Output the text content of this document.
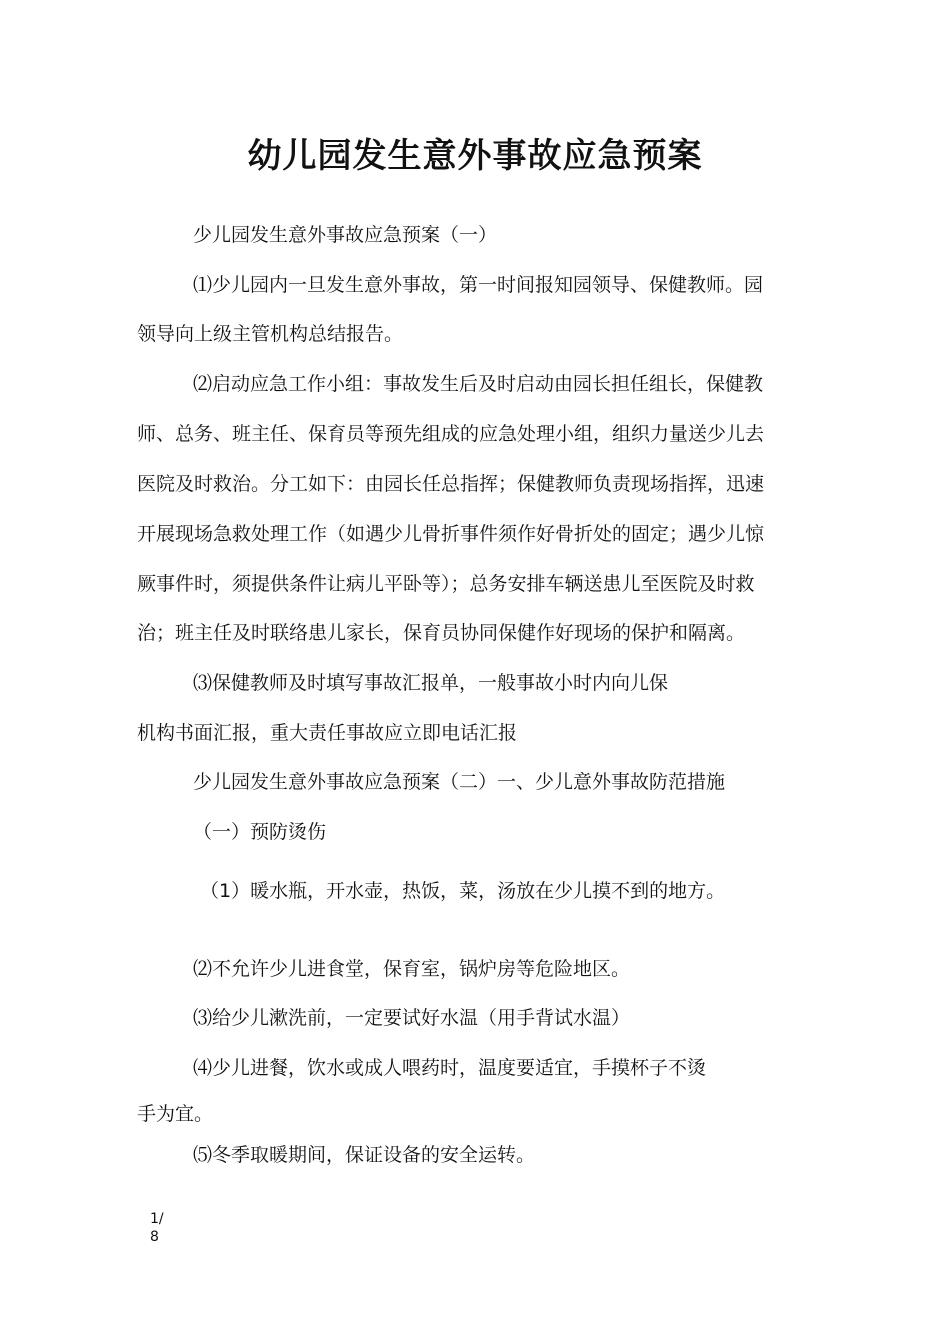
幼儿园发生意外事故应急预案
少儿园发生意外事故应急预案（一）
⑴少儿园内一旦发生意外事故，第一时间报知园领导、保健教师。园
领导向上级主管机构总结报告。
⑵启动应急工作小组：事故发生后及时启动由园长担任组长，保健教
师、总务、班主任、保育员等预先组成的应急处理小组，组织力量送少儿去
医院及时救治。分工如下：由园长任总指挥；保健教师负责现场指挥，迅速
开展现场急救处理工作（如遇少儿骨折事件须作好骨折处的固定；遇少儿惊
厥事件时，须提供条件让病儿平卧等）；总务安排车辆送患儿至医院及时救
治；班主任及时联络患儿家长，保育员协同保健作好现场的保护和隔离。
⑶保健教师及时填写事故汇报单，一般事故小时内向儿保
机构书面汇报，重大责任事故应立即电话汇报
少儿园发生意外事故应急预案（二）一、少儿意外事故防范措施
（一）预防烫伤
（1）暖水瓶，开水壶，热饭，菜，汤放在少儿摸不到的地方。
⑵不允许少儿进食堂，保育室，锅炉房等危险地区。
⑶给少儿漱洗前，一定要试好水温（用手背试水温）
⑷少儿进餐，饮水或成人喂药时，温度要适宜，手摸杯子不烫
手为宜。
⑸冬季取暖期间，保证设备的安全运转。
1/
8
